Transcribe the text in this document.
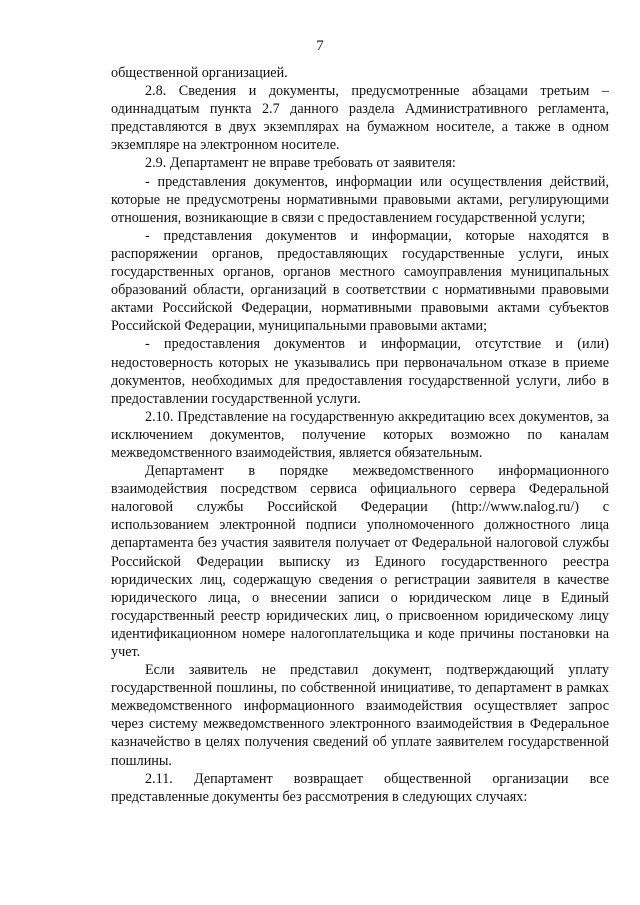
7

общественной организацией.

2.8. Сведения и документы, предусмотренные абзацами третьим – одиннадцатым пункта 2.7 данного раздела Административного регламента, представляются в двух экземплярах на бумажном носителе, а также в одном экземпляре на электронном носителе.

2.9. Департамент не вправе требовать от заявителя:

- представления документов, информации или осуществления действий, которые не предусмотрены нормативными правовыми актами, регулирующими отношения, возникающие в связи с предоставлением государственной услуги;

- представления документов и информации, которые находятся в распоряжении органов, предоставляющих государственные услуги, иных государственных органов, органов местного самоуправления муниципальных образований области, организаций в соответствии с нормативными правовыми актами Российской Федерации, нормативными правовыми актами субъектов Российской Федерации, муниципальными правовыми актами;

- предоставления документов и информации, отсутствие и (или) недостоверность которых не указывались при первоначальном отказе в приеме документов, необходимых для предоставления государственной услуги, либо в предоставлении государственной услуги.

2.10. Представление на государственную аккредитацию всех документов, за исключением документов, получение которых возможно по каналам межведомственного взаимодействия, является обязательным.

Департамент в порядке межведомственного информационного взаимодействия посредством сервиса официального сервера Федеральной налоговой службы Российской Федерации (http://www.nalog.ru/) с использованием электронной подписи уполномоченного должностного лица департамента без участия заявителя получает от Федеральной налоговой службы Российской Федерации выписку из Единого государственного реестра юридических лиц, содержащую сведения о регистрации заявителя в качестве юридического лица, о внесении записи о юридическом лице в Единый государственный реестр юридических лиц, о присвоенном юридическому лицу идентификационном номере налогоплательщика и коде причины постановки на учет.

Если заявитель не представил документ, подтверждающий уплату государственной пошлины, по собственной инициативе, то департамент в рамках межведомственного информационного взаимодействия осуществляет запрос через систему межведомственного электронного взаимодействия в Федеральное казначейство в целях получения сведений об уплате заявителем государственной пошлины.

2.11. Департамент возвращает общественной организации все представленные документы без рассмотрения в следующих случаях:
